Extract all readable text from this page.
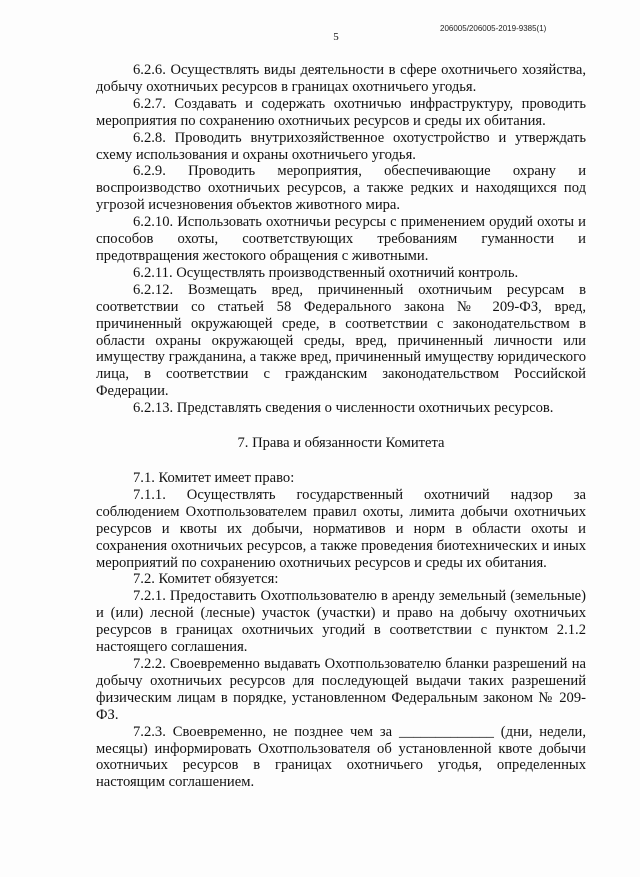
206005/206005-2019-9385(1)
5

6.2.6. Осуществлять виды деятельности в сфере охотничьего хозяйства, добычу охотничьих ресурсов в границах охотничьего угодья.

6.2.7. Создавать и содержать охотничью инфраструктуру, проводить мероприятия по сохранению охотничьих ресурсов и среды их обитания.

6.2.8. Проводить внутрихозяйственное охотустройство и утверждать схему использования и охраны охотничьего угодья.

6.2.9. Проводить мероприятия, обеспечивающие охрану и воспроизводство охотничьих ресурсов, а также редких и находящихся под угрозой исчезновения объектов животного мира.

6.2.10. Использовать охотничьи ресурсы с применением орудий охоты и способов охоты, соответствующих требованиям гуманности и предотвращения жестокого обращения с животными.

6.2.11. Осуществлять производственный охотничий контроль.

6.2.12. Возмещать вред, причиненный охотничьим ресурсам в соответствии со статьей 58 Федерального закона № 209-ФЗ, вред, причиненный окружающей среде, в соответствии с законодательством в области охраны окружающей среды, вред, причиненный личности или имуществу гражданина, а также вред, причиненный имуществу юридического лица, в соответствии с гражданским законодательством Российской Федерации.

6.2.13. Представлять сведения о численности охотничьих ресурсов.

7. Права и обязанности Комитета

7.1. Комитет имеет право:

7.1.1. Осуществлять государственный охотничий надзор за соблюдением Охотпользователем правил охоты, лимита добычи охотничьих ресурсов и квоты их добычи, нормативов и норм в области охоты и сохранения охотничьих ресурсов, а также проведения биотехнических и иных мероприятий по сохранению охотничьих ресурсов и среды их обитания.

7.2. Комитет обязуется:

7.2.1. Предоставить Охотпользователю в аренду земельный (земельные) и (или) лесной (лесные) участок (участки) и право на добычу охотничьих ресурсов в границах охотничьих угодий в соответствии с пунктом 2.1.2 настоящего соглашения.

7.2.2. Своевременно выдавать Охотпользователю бланки разрешений на добычу охотничьих ресурсов для последующей выдачи таких разрешений физическим лицам в порядке, установленном Федеральным законом № 209-ФЗ.

7.2.3. Своевременно, не позднее чем за _____________ (дни, недели, месяцы) информировать Охотпользователя об установленной квоте добычи охотничьих ресурсов в границах охотничьего угодья, определенных настоящим соглашением.
